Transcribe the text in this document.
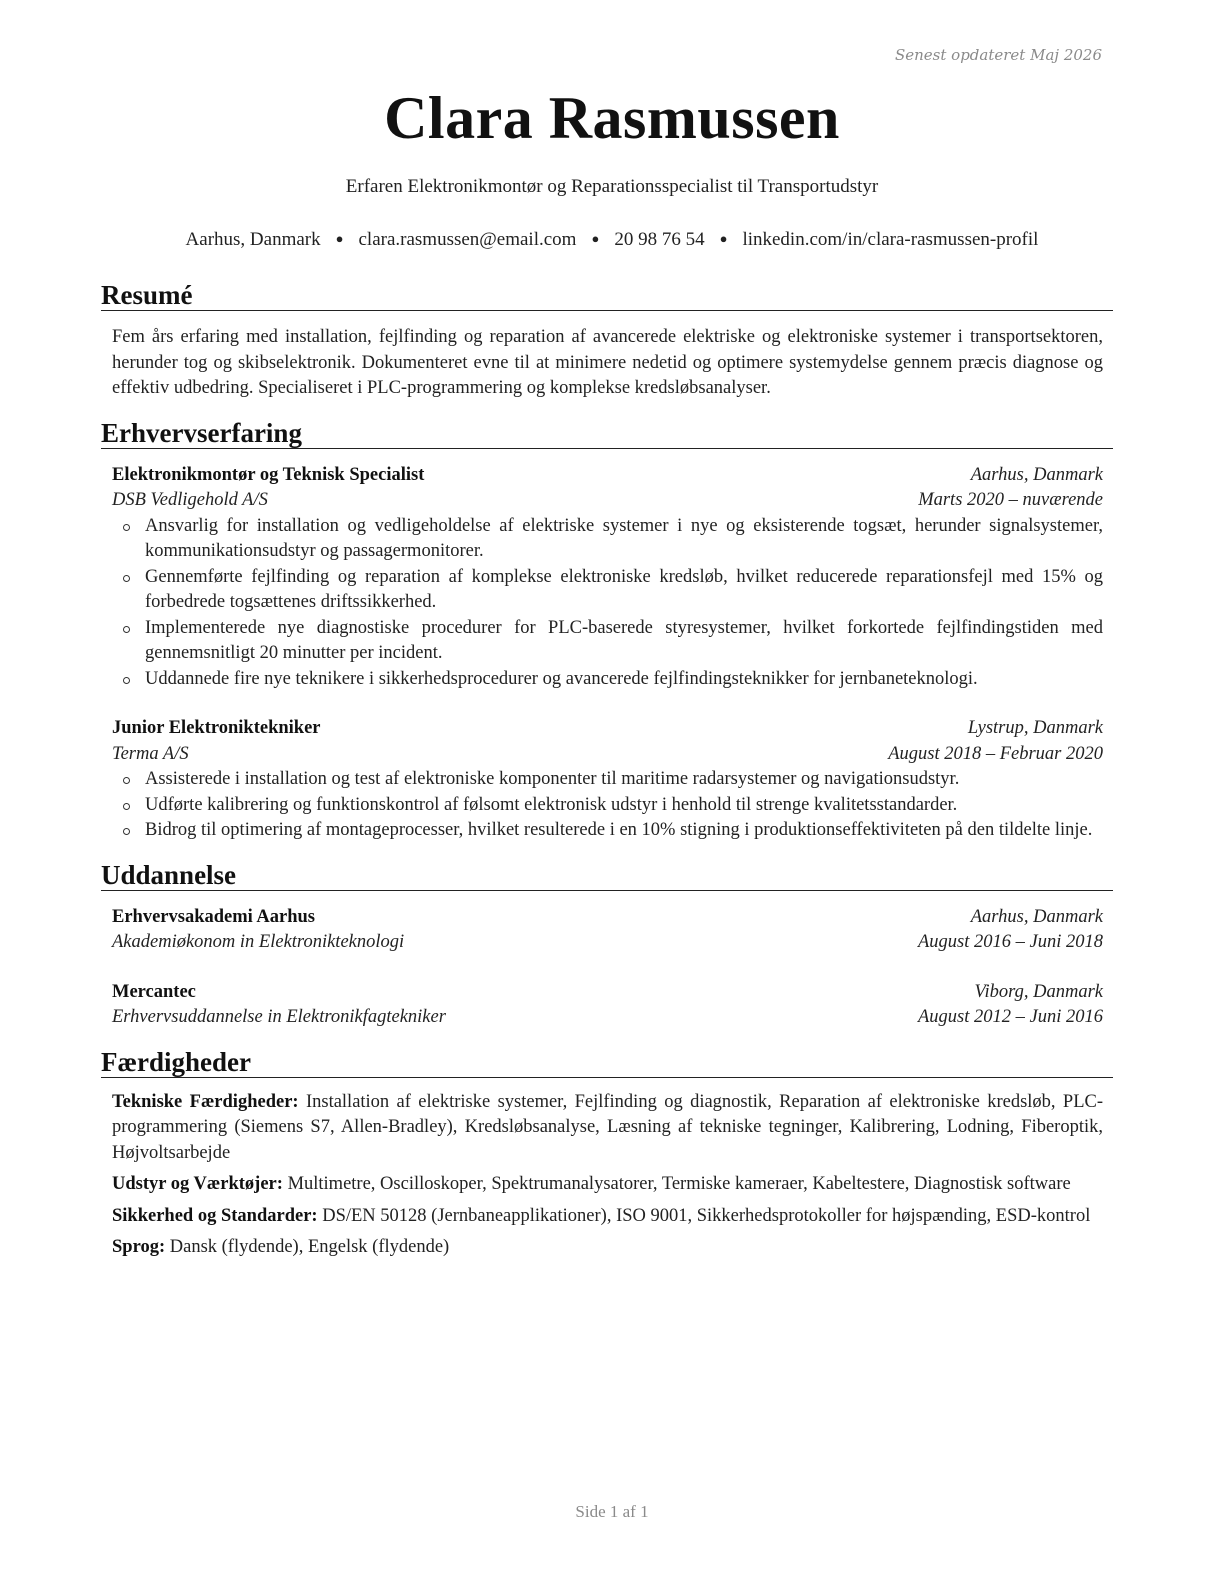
Senest opdateret Maj 2026
Clara Rasmussen
Erfaren Elektronikmontør og Reparationsspecialist til Transportudstyr
Aarhus, Danmark ● clara.rasmussen@email.com ● 20 98 76 54 ● linkedin.com/in/clara-rasmussen-profil
Resumé
Fem års erfaring med installation, fejlfinding og reparation af avancerede elektriske og elektroniske systemer i transportsektoren, herunder tog og skibselektronik. Dokumenteret evne til at minimere nedetid og optimere systemydelse gennem præcis diagnose og effektiv udbedring. Specialiseret i PLC-programmering og komplekse kredsløbsanalyser.
Erhvervserfaring
Elektronikmontør og Teknisk Specialist	Aarhus, Danmark
DSB Vedligehold A/S	Marts 2020 – nuværende
Ansvarlig for installation og vedligeholdelse af elektriske systemer i nye og eksisterende togsæt, herunder signalsystemer, kommunikationsudstyr og passagermonitorer.
Gennemførte fejlfinding og reparation af komplekse elektroniske kredsløb, hvilket reducerede reparationsfejl med 15% og forbedrede togsættenes driftssikkerhed.
Implementerede nye diagnostiske procedurer for PLC-baserede styresystemer, hvilket forkortede fejlfindingstiden med gennemsnitligt 20 minutter per incident.
Uddannede fire nye teknikere i sikkerhedsprocedurer og avancerede fejlfindingsteknikker for jernbaneteknologi.
Junior Elektroniktekniker	Lystrup, Danmark
Terma A/S	August 2018 – Februar 2020
Assisterede i installation og test af elektroniske komponenter til maritime radarsystemer og navigationsudstyr.
Udførte kalibrering og funktionskontrol af følsomt elektronisk udstyr i henhold til strenge kvalitetsstandarder.
Bidrog til optimering af montageprocesser, hvilket resulterede i en 10% stigning i produktionseffektiviteten på den tildelte linje.
Uddannelse
Erhvervsakademi Aarhus	Aarhus, Danmark
Akademiøkonom in Elektronikteknologi	August 2016 – Juni 2018
Mercantec	Viborg, Danmark
Erhvervsuddannelse in Elektronikfagtekniker	August 2012 – Juni 2016
Færdigheder
Tekniske Færdigheder: Installation af elektriske systemer, Fejlfinding og diagnostik, Reparation af elektroniske kredsløb, PLC-programmering (Siemens S7, Allen-Bradley), Kredsløbsanalyse, Læsning af tekniske tegninger, Kalibrering, Lodning, Fiberoptik, Højvoltsarbejde
Udstyr og Værktøjer: Multimetre, Oscilloskoper, Spektrumanalysatorer, Termiske kameraer, Kabeltestere, Diagnostisk software
Sikkerhed og Standarder: DS/EN 50128 (Jernbaneapplikationer), ISO 9001, Sikkerhedsprotokoller for højspænding, ESD-kontrol
Sprog: Dansk (flydende), Engelsk (flydende)
Side 1 af 1
